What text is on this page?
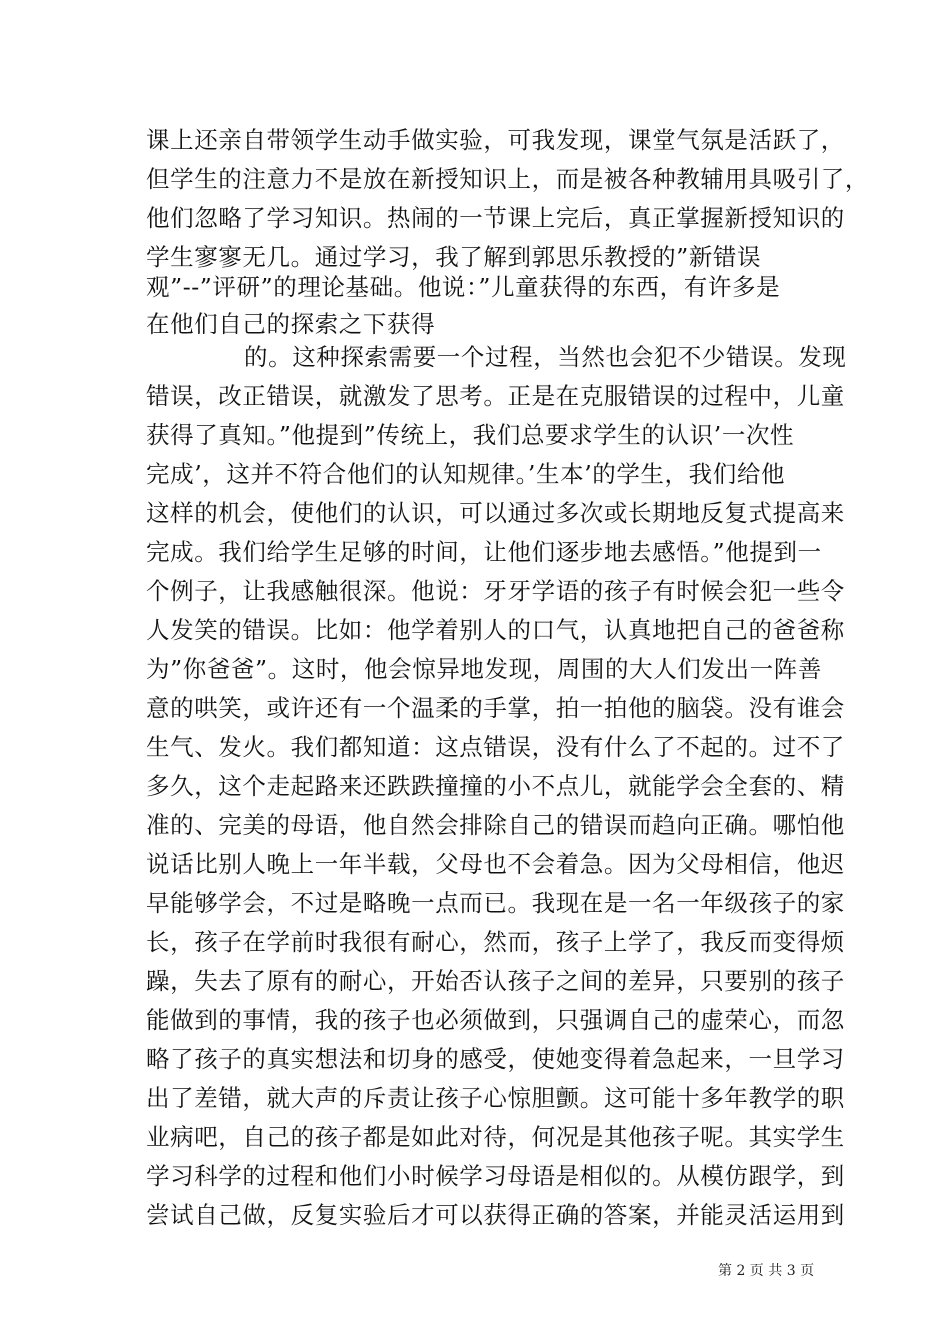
课上还亲自带领学生动手做实验，可我发现，课堂气氛是活跃了，
但学生的注意力不是放在新授知识上，而是被各种教辅用具吸引了，
他们忽略了学习知识。热闹的一节课上完后，真正掌握新授知识的
学生寥寥无几。通过学习，我了解到郭思乐教授的”新错误
观”--”评研”的理论基础。他说：”儿童获得的东西，有许多是
在他们自己的探索之下获得
的。这种探索需要一个过程，当然也会犯不少错误。发现
错误，改正错误，就激发了思考。正是在克服错误的过程中，儿童
获得了真知。”他提到”传统上，我们总要求学生的认识’一次性
完成’，这并不符合他们的认知规律。’生本’的学生，我们给他
这样的机会，使他们的认识，可以通过多次或长期地反复式提高来
完成。我们给学生足够的时间，让他们逐步地去感悟。”他提到一
个例子，让我感触很深。他说：牙牙学语的孩子有时候会犯一些令
人发笑的错误。比如：他学着别人的口气，认真地把自己的爸爸称
为”你爸爸”。这时，他会惊异地发现，周围的大人们发出一阵善
意的哄笑，或许还有一个温柔的手掌，拍一拍他的脑袋。没有谁会
生气、发火。我们都知道：这点错误，没有什么了不起的。过不了
多久，这个走起路来还跌跌撞撞的小不点儿，就能学会全套的、精
准的、完美的母语，他自然会排除自己的错误而趋向正确。哪怕他
说话比别人晚上一年半载，父母也不会着急。因为父母相信，他迟
早能够学会，不过是略晚一点而已。我现在是一名一年级孩子的家
长，孩子在学前时我很有耐心，然而，孩子上学了，我反而变得烦
躁，失去了原有的耐心，开始否认孩子之间的差异，只要别的孩子
能做到的事情，我的孩子也必须做到，只强调自己的虚荣心，而忽
略了孩子的真实想法和切身的感受，使她变得着急起来，一旦学习
出了差错，就大声的斥责让孩子心惊胆颤。这可能十多年教学的职
业病吧，自己的孩子都是如此对待，何况是其他孩子呢。其实学生
学习科学的过程和他们小时候学习母语是相似的。从模仿跟学，到
尝试自己做，反复实验后才可以获得正确的答案，并能灵活运用到
第 2 页 共 3 页
